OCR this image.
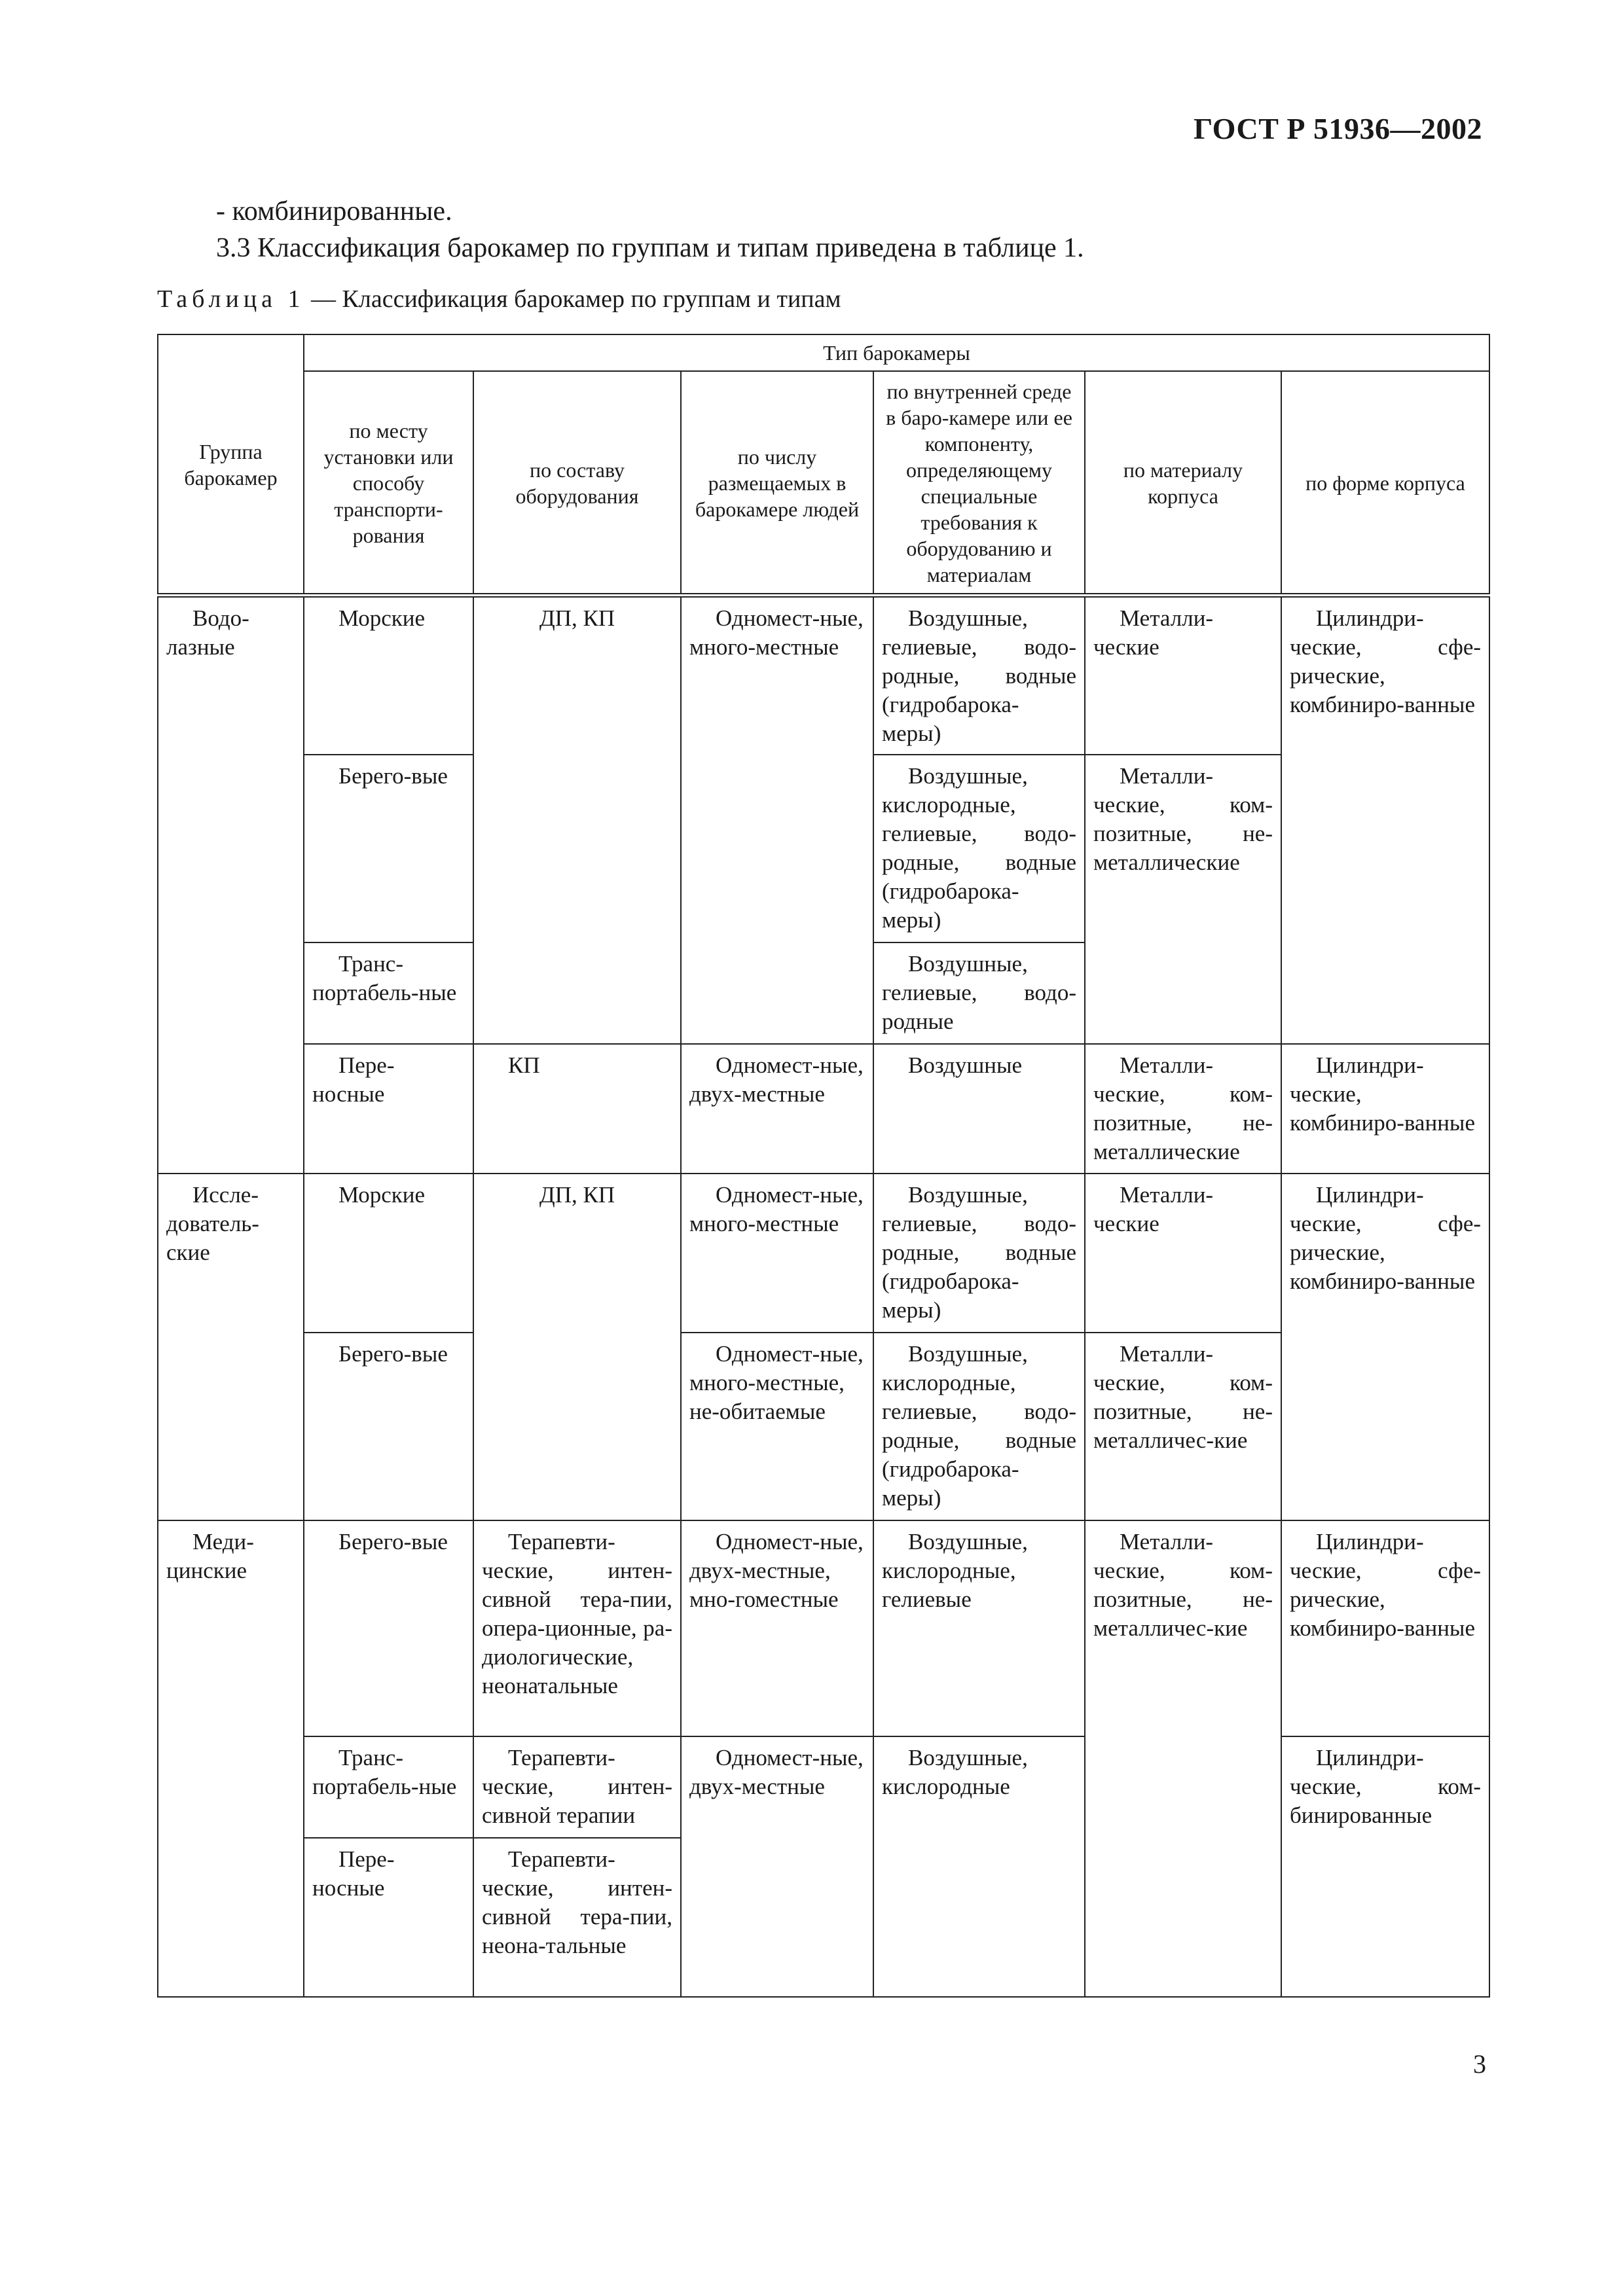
ГОСТ Р 51936—2002

- комбинированные.

3.3 Классификация барокамер по группам и типам приведена в таблице 1.

Таблица 1 — Классификация барокамер по группам и типам
Группа барокамер	Тип барокамеры					
	по месту установки или способу транспорти-рования	по составу оборудования	по числу размещаемых в барокамере людей	по внутренней среде в баро-камере или ее компоненту, определяющему специальные требования к оборудованию и материалам	по материалу корпуса	по форме корпуса
Водо-лазные	Морские	ДП, КП	Одномест-ные, много-местные	Воздушные, гелиевые, водо-родные, водные (гидробарока-меры)	Металли-ческие	Цилиндри-ческие, сфе-рические, комбиниро-ванные
	Берего-вые			Воздушные, кислородные, гелиевые, водо-родные, водные (гидробарока-меры)	Металли-ческие, ком-позитные, не-металлические	
	Транс-портабель-ные			Воздушные, гелиевые, водо-родные		
	Пере-носные	КП	Одномест-ные, двух-местные	Воздушные	Металли-ческие, ком-позитные, не-металлические	Цилиндри-ческие, комбиниро-ванные
Иссле-дователь-ские	Морские	ДП, КП	Одномест-ные, много-местные	Воздушные, гелиевые, водо-родные, водные (гидробарока-меры)	Металли-ческие	Цилиндри-ческие, сфе-рические, комбиниро-ванные
	Берего-вые		Одномест-ные, много-местные, не-обитаемые	Воздушные, кислородные, гелиевые, водо-родные, водные (гидробарока-меры)	Металли-ческие, ком-позитные, не-металличес-кие	
Меди-цинские	Берего-вые	Терапевти-ческие, интен-сивной тера-пии, опера-ционные, ра-диологические, неонатальные	Одномест-ные, двух-местные, мно-гоместные	Воздушные, кислородные, гелиевые	Металли-ческие, ком-позитные, не-металличес-кие	Цилиндри-ческие, сфе-рические, комбиниро-ванные
	Транс-портабель-ные	Терапевти-ческие, интен-сивной терапии	Одномест-ные, двух-местные	Воздушные, кислородные		Цилиндри-ческие, ком-бинированные
	Пере-носные	Терапевти-ческие, интен-сивной тера-пии, неона-тальные				
3
